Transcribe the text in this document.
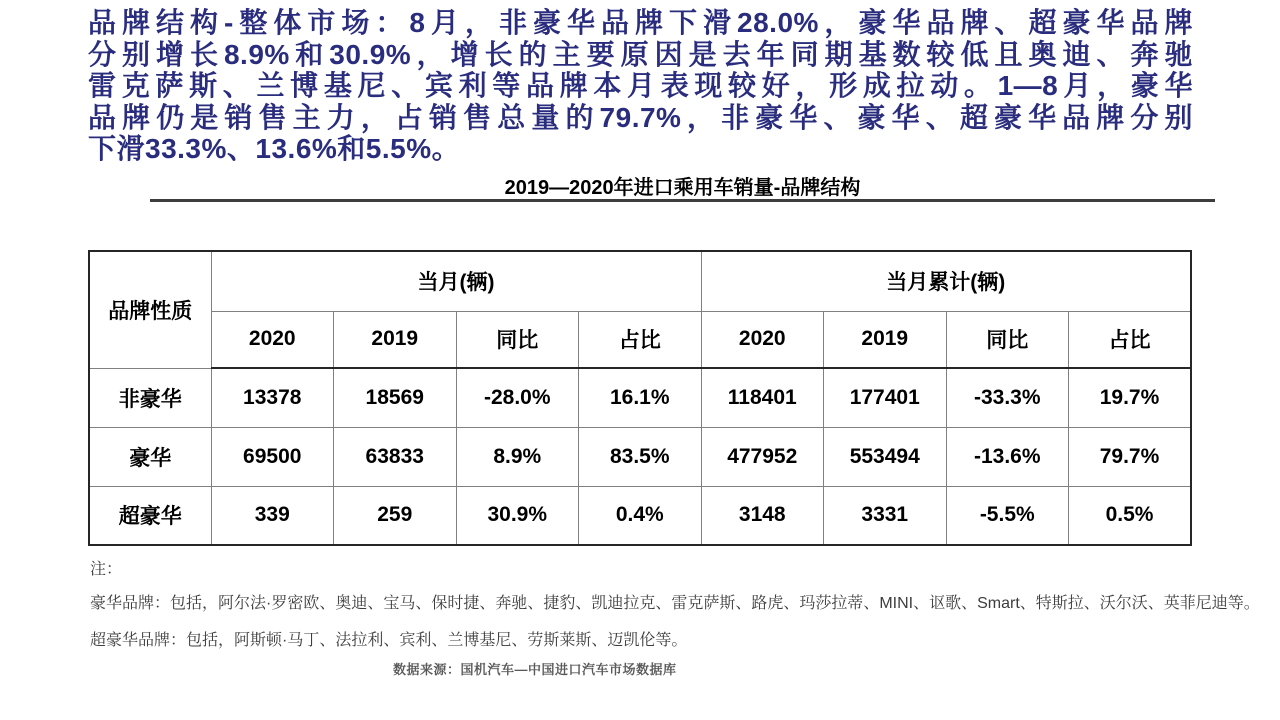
品牌结构-整体市场：8月，非豪华品牌下滑28.0%，豪华品牌、超豪华品牌
分别增长8.9%和30.9%，增长的主要原因是去年同期基数较低且奥迪、奔驰
雷克萨斯、兰博基尼、宾利等品牌本月表现较好，形成拉动。1—8月，豪华
品牌仍是销售主力，占销售总量的79.7%，非豪华、豪华、超豪华品牌分别
下滑33.3%、13.6%和5.5%。
2019—2020年进口乘用车销量-品牌结构
品牌性质	当月(辆)				当月累计(辆)			
	2020	2019	同比	占比	2020	2019	同比	占比
非豪华	13378	18569	-28.0%	16.1%	118401	177401	-33.3%	19.7%
豪华	69500	63833	8.9%	83.5%	477952	553494	-13.6%	79.7%
超豪华	339	259	30.9%	0.4%	3148	3331	-5.5%	0.5%
注：
豪华品牌：包括，阿尔法·罗密欧、奥迪、宝马、保时捷、奔驰、捷豹、凯迪拉克、雷克萨斯、路虎、玛莎拉蒂、MINI、讴歌、Smart、特斯拉、沃尔沃、英菲尼迪等。
超豪华品牌：包括，阿斯顿·马丁、法拉利、宾利、兰博基尼、劳斯莱斯、迈凯伦等。
数据来源：国机汽车—中国进口汽车市场数据库
